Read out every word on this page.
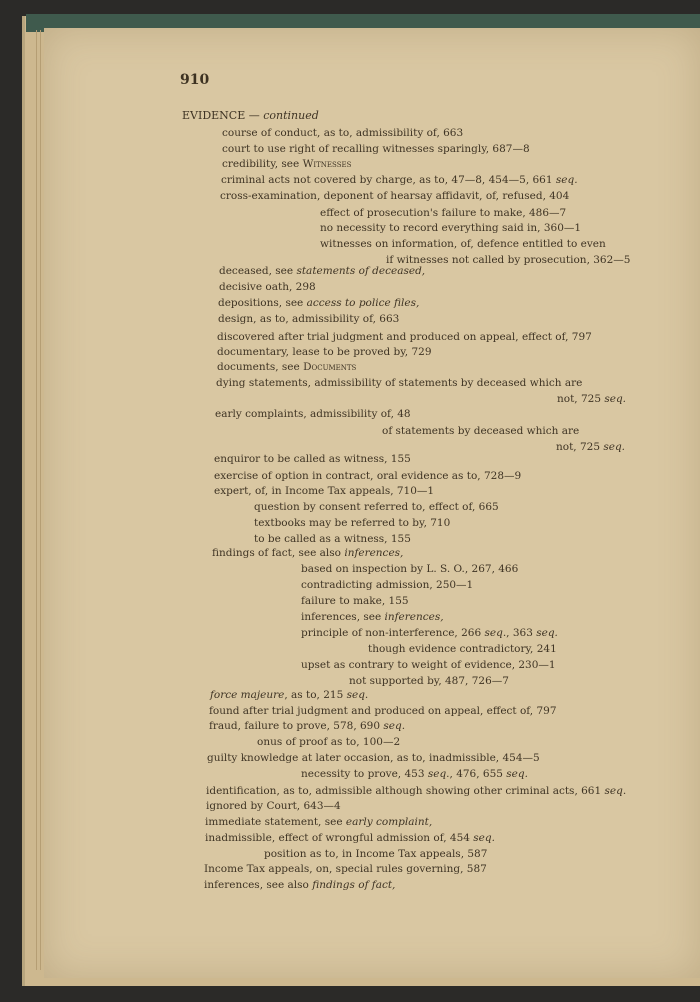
910
EVIDENCE — continued
course of conduct, as to, admissibility of, 663
court to use right of recalling witnesses sparingly, 687—8
credibility, see Witnesses
criminal acts not covered by charge, as to, 47—8, 454—5, 661 seq.
cross-examination, deponent of hearsay affidavit, of, refused, 404
effect of prosecution's failure to make, 486—7
no necessity to record everything said in, 360—1
witnesses on information, of, defence entitled to even
if witnesses not called by prosecution, 362—5
deceased, see statements of deceased,
decisive oath, 298
depositions, see access to police files,
design, as to, admissibility of, 663
discovered after trial judgment and produced on appeal, effect of, 797
documentary, lease to be proved by, 729
documents, see Documents
dying statements, admissibility of statements by deceased which are
not, 725 seq.
early complaints, admissibility of, 48
of statements by deceased which are
not, 725 seq.
enquiror to be called as witness, 155
exercise of option in contract, oral evidence as to, 728—9
expert, of, in Income Tax appeals, 710—1
question by consent referred to, effect of, 665
textbooks may be referred to by, 710
to be called as a witness, 155
findings of fact, see also inferences,
based on inspection by L. S. O., 267, 466
contradicting admission, 250—1
failure to make, 155
inferences, see inferences,
principle of non-interference, 266 seq., 363 seq.
though evidence contradictory, 241
upset as contrary to weight of evidence, 230—1
not supported by, 487, 726—7
force majeure, as to, 215 seq.
found after trial judgment and produced on appeal, effect of, 797
fraud, failure to prove, 578, 690 seq.
onus of proof as to, 100—2
guilty knowledge at later occasion, as to, inadmissible, 454—5
necessity to prove, 453 seq., 476, 655 seq.
identification, as to, admissible although showing other criminal acts, 661 seq.
ignored by Court, 643—4
immediate statement, see early complaint,
inadmissible, effect of wrongful admission of, 454 seq.
position as to, in Income Tax appeals, 587
Income Tax appeals, on, special rules governing, 587
inferences, see also findings of fact,
